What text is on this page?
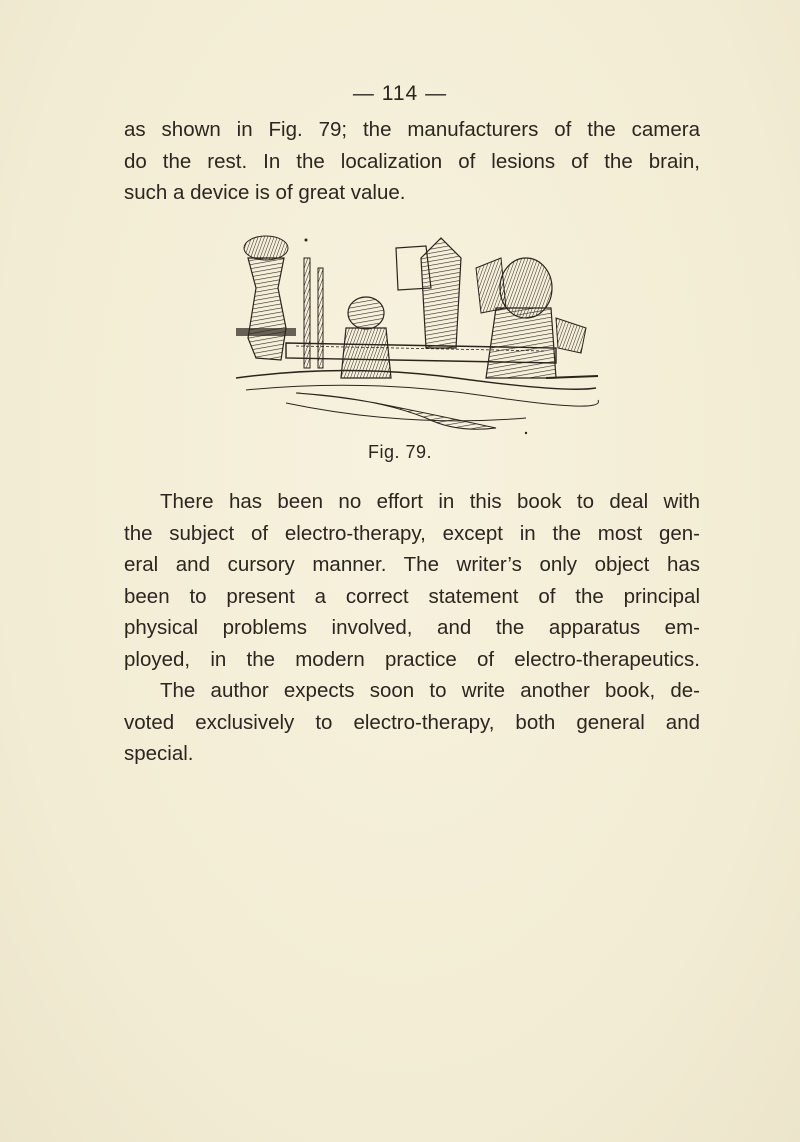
— 114 —
as shown in Fig. 79; the manufacturers of the camera
do the rest. In the localization of lesions of the brain,
such a device is of great value.
Fig. 79.
There has been no effort in this book to deal with
the subject of electro-therapy, except in the most gen-
eral and cursory manner. The writer’s only object has
been to present a correct statement of the principal
physical problems involved, and the apparatus em-
ployed, in the modern practice of electro-therapeutics.
The author expects soon to write another book, de-
voted exclusively to electro-therapy, both general and
special.
